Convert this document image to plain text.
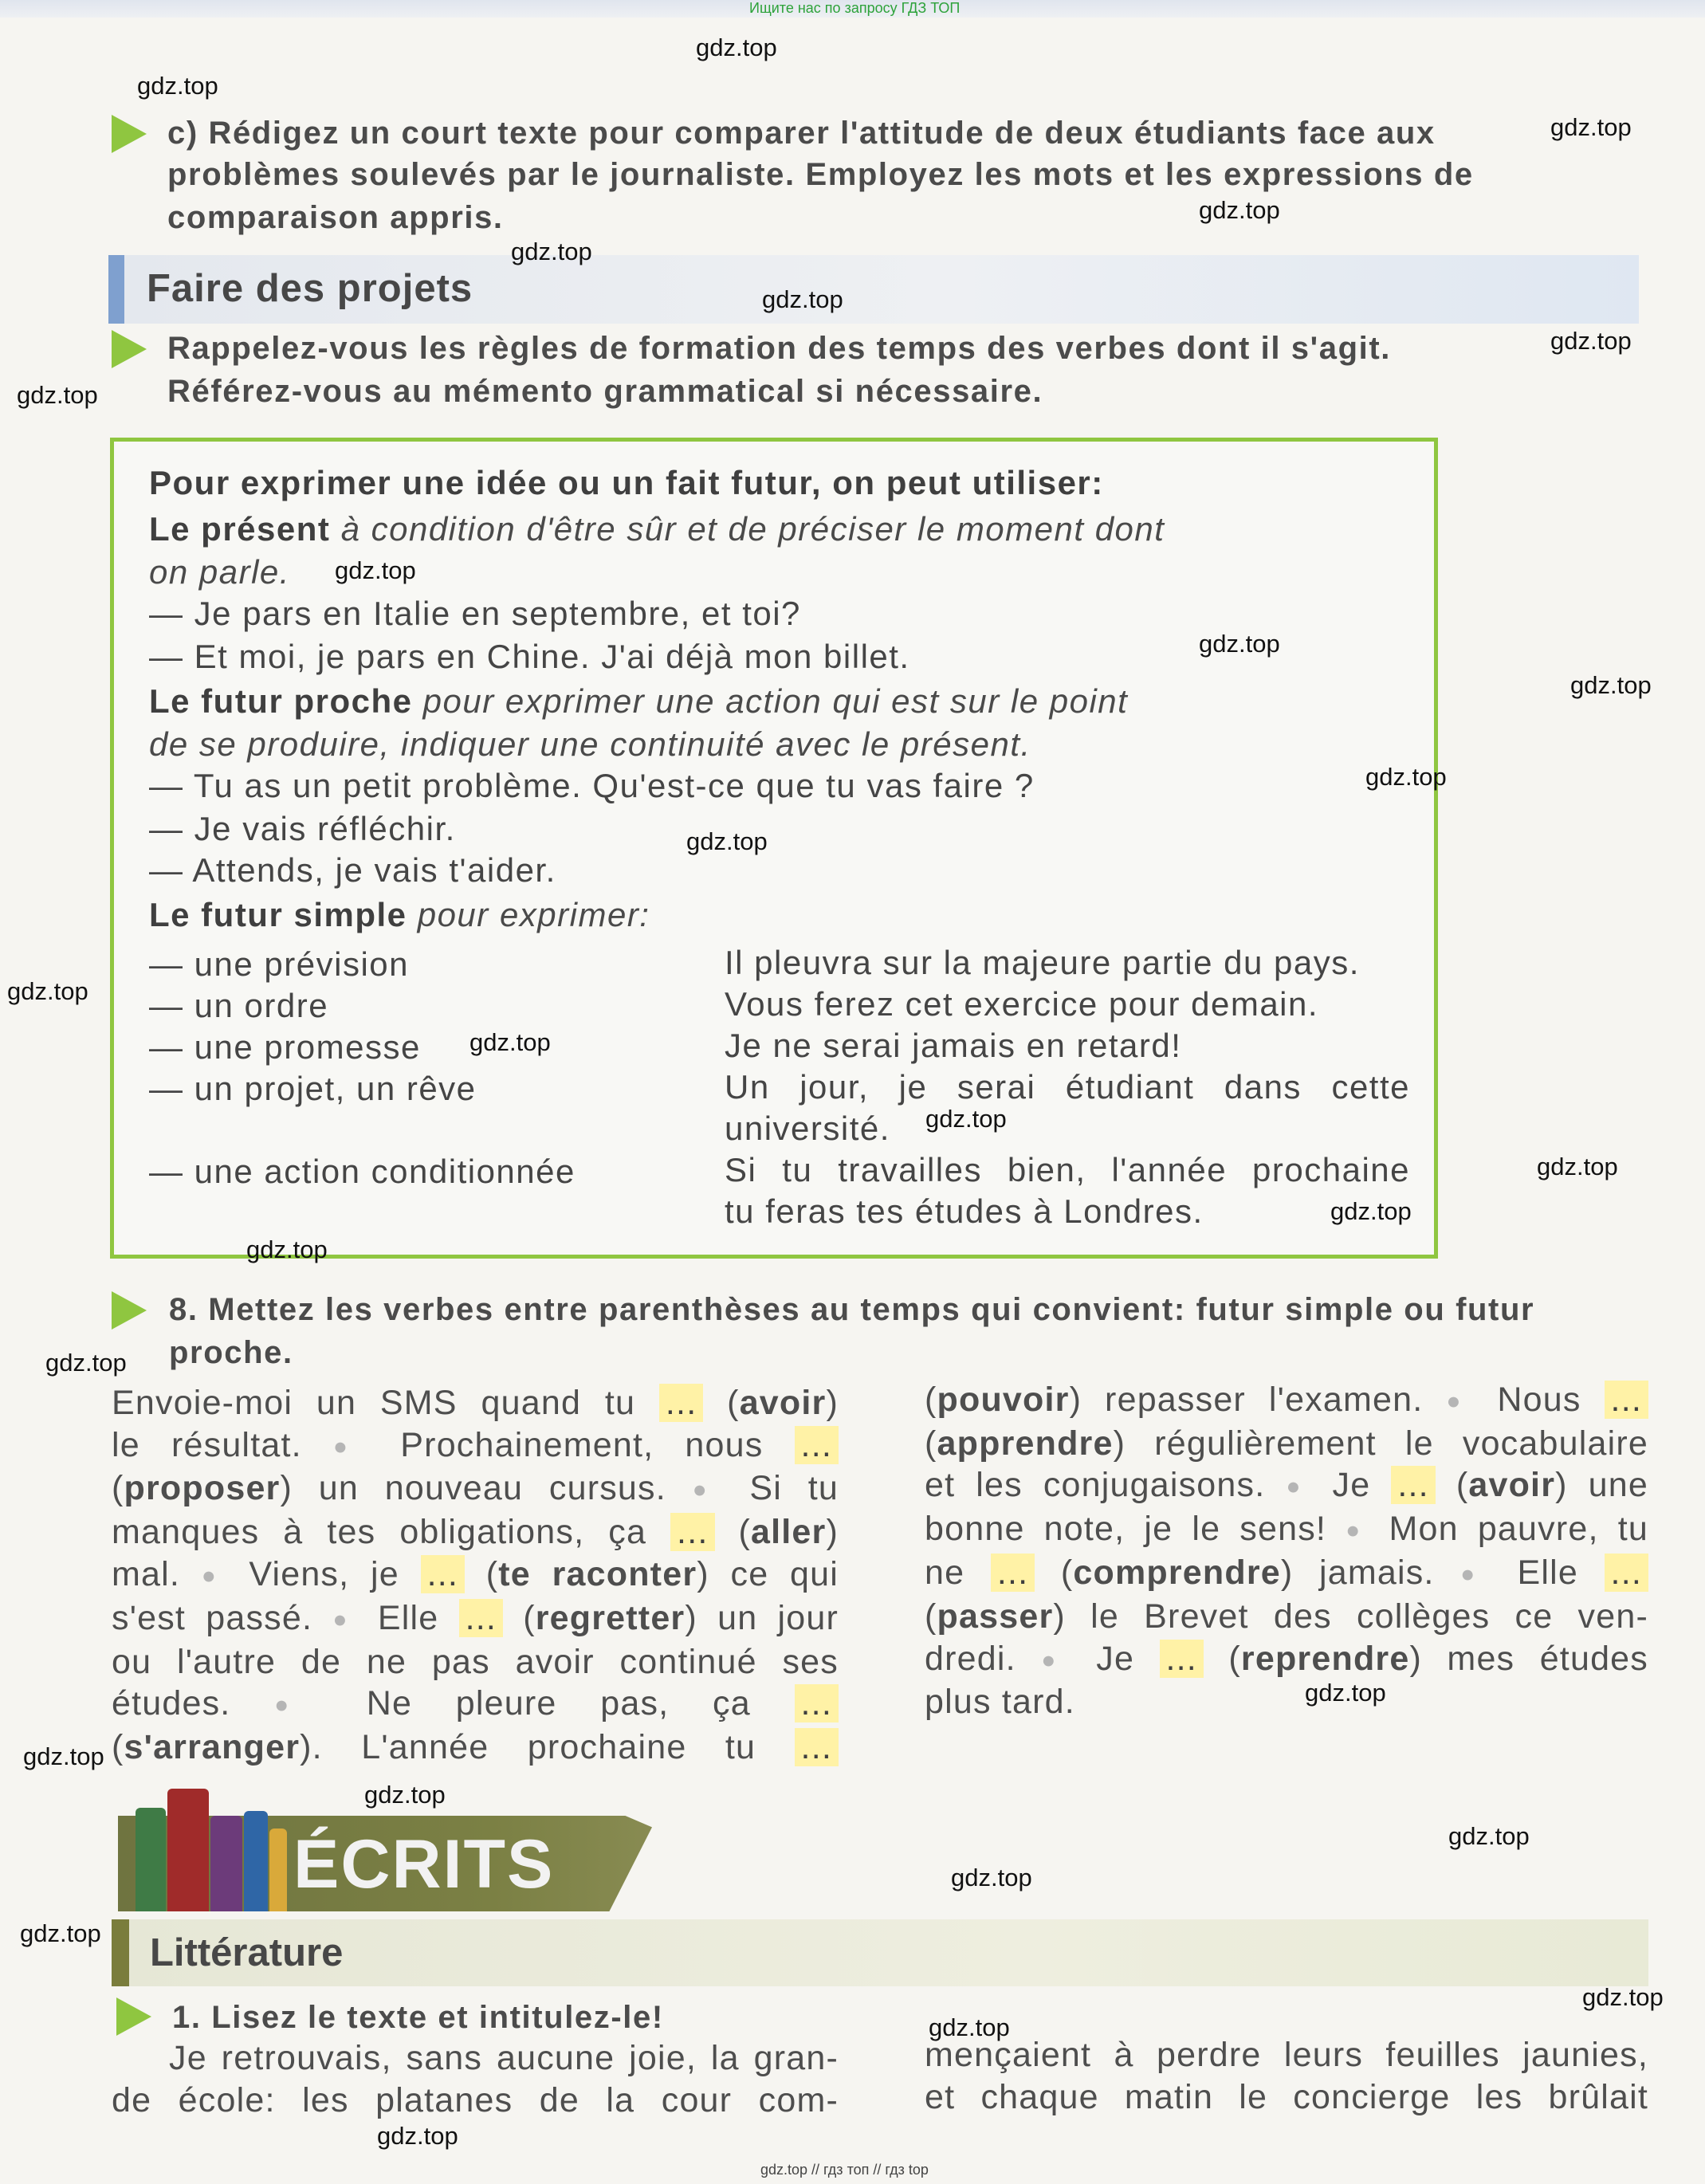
Ищите нас по запросу ГДЗ ТОП
c) Rédigez un court texte pour comparer l'attitude de deux étudiants face aux
problèmes soulevés par le journaliste. Employez les mots et les expressions de
comparaison appris.
Faire des projets
Rappelez-vous les règles de formation des temps des verbes dont il s'agit.
Référez-vous au mémento grammatical si nécessaire.
Pour exprimer une idée ou un fait futur, on peut utiliser:
Le présent à condition d'être sûr et de préciser le moment dont
on parle.
— Je pars en Italie en septembre, et toi?
— Et moi, je pars en Chine. J'ai déjà mon billet.
Le futur proche pour exprimer une action qui est sur le point
de se produire, indiquer une continuité avec le présent.
— Tu as un petit problème. Qu'est-ce que tu vas faire ?
— Je vais réfléchir.
— Attends, je vais t'aider.
Le futur simple pour exprimer:
— une prévision	Il pleuvra sur la majeure partie du pays.
— un ordre	Vous ferez cet exercice pour demain.
— une promesse	Je ne serai jamais en retard!
— un projet, un rêve	Un jour, je serai étudiant dans cette
université.
— une action conditionnée	Si tu travailles bien, l'année prochaine
tu feras tes études à Londres.
8. Mettez les verbes entre parenthèses au temps qui convient: futur simple ou futur
proche.
Envoie-moi un SMS quand tu ... (avoir)
le résultat. ● Prochainement, nous ...
(proposer) un nouveau cursus. ● Si tu
manques à tes obligations, ça ... (aller)
mal. ● Viens, je ... (te raconter) ce qui
s'est passé. ● Elle ... (regretter) un jour
ou l'autre de ne pas avoir continué ses
études. ● Ne pleure pas, ça ...
(s'arranger). L'année prochaine tu ...
(pouvoir) repasser l'examen. ● Nous ...
(apprendre) régulièrement le vocabulaire
et les conjugaisons. ● Je ... (avoir) une
bonne note, je le sens! ● Mon pauvre, tu
ne ... (comprendre) jamais. ● Elle ...
(passer) le Brevet des collèges ce ven-
dredi. ● Je ... (reprendre) mes études
plus tard.
ÉCRITS
Littérature
1. Lisez le texte et intitulez-le!
Je retrouvais, sans aucune joie, la gran-
de école: les platanes de la cour com-
mençaient à perdre leurs feuilles jaunies,
et chaque matin le concierge les brûlait
gdz.top // гдз топ // гдз top
gdz.top
gdz.top
gdz.top
gdz.top
gdz.top
gdz.top
gdz.top
gdz.top
gdz.top
gdz.top
gdz.top
gdz.top
gdz.top
gdz.top
gdz.top
gdz.top
gdz.top
gdz.top
gdz.top
gdz.top
gdz.top
gdz.top
gdz.top
gdz.top
gdz.top
gdz.top
gdz.top
gdz.top
gdz.top
